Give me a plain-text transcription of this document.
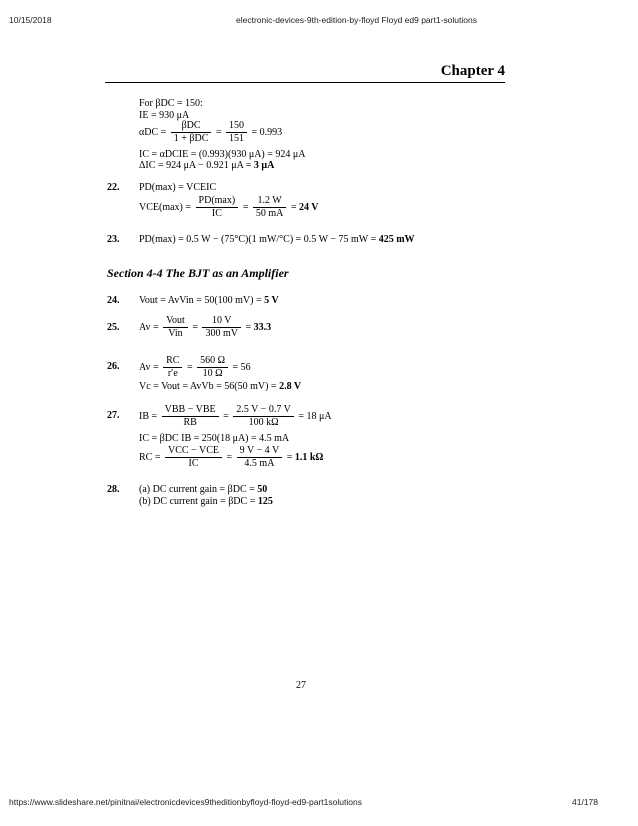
10/15/2018	electronic-devices-9th-edition-by-floyd Floyd ed9 part1-solutions
https://www.slideshare.net/pinitnai/electronicdevices9theditionbyfloyd-floyd-ed9-part1solutions	41/178
Chapter 4
For βDC = 150:
IE = 930 μA
$\alpha DC = \frac{\text{βDC}}{\text{1 + βDC}} = \frac{150}{151} = 0.993$
IC = αDCIE = (0.993)(930 μA) = 924 μA
ΔIC = 924 μA − 0.921 μA = 3 μA
22. PD(max) = VCEIC
$VCE(\max) = \frac{PD(\max)}{IC} = \frac{1.2 W}{50 mA} = 24$ V
23. PD(max) = 0.5 W − (75°C)(1 mW/°C) = 0.5 W − 75 mW = 425 mW
Section 4-4 The BJT as an Amplifier
24. Vout = AvVin = 50(100 mV) = 5 V
25. $Av = \frac{\text{Vout}}{\text{Vin}} = \frac{10 V}{300 mV} = 33.3$
26. $Av = \frac{RC}{r'e} = \frac{560 \Omega}{10 \Omega} = 56$
Vc = Vout = AvVb = 56(50 mV) = 2.8 V
27. IB = $\frac{\text{VBB − VBE}}{RB} = \frac{2.5 V - 0.7 V}{100 k\Omega} = 18$ μA
IC = βDC IB = 250(18 μA) = 4.5 mA
RC = $\frac{\text{VCC − VCE}}{IC} = \frac{9 V - 4 V}{4.5 mA} = 1.1$ kΩ
28. (a) DC current gain = βDC = 50
(b) DC current gain = βDC = 125
27
